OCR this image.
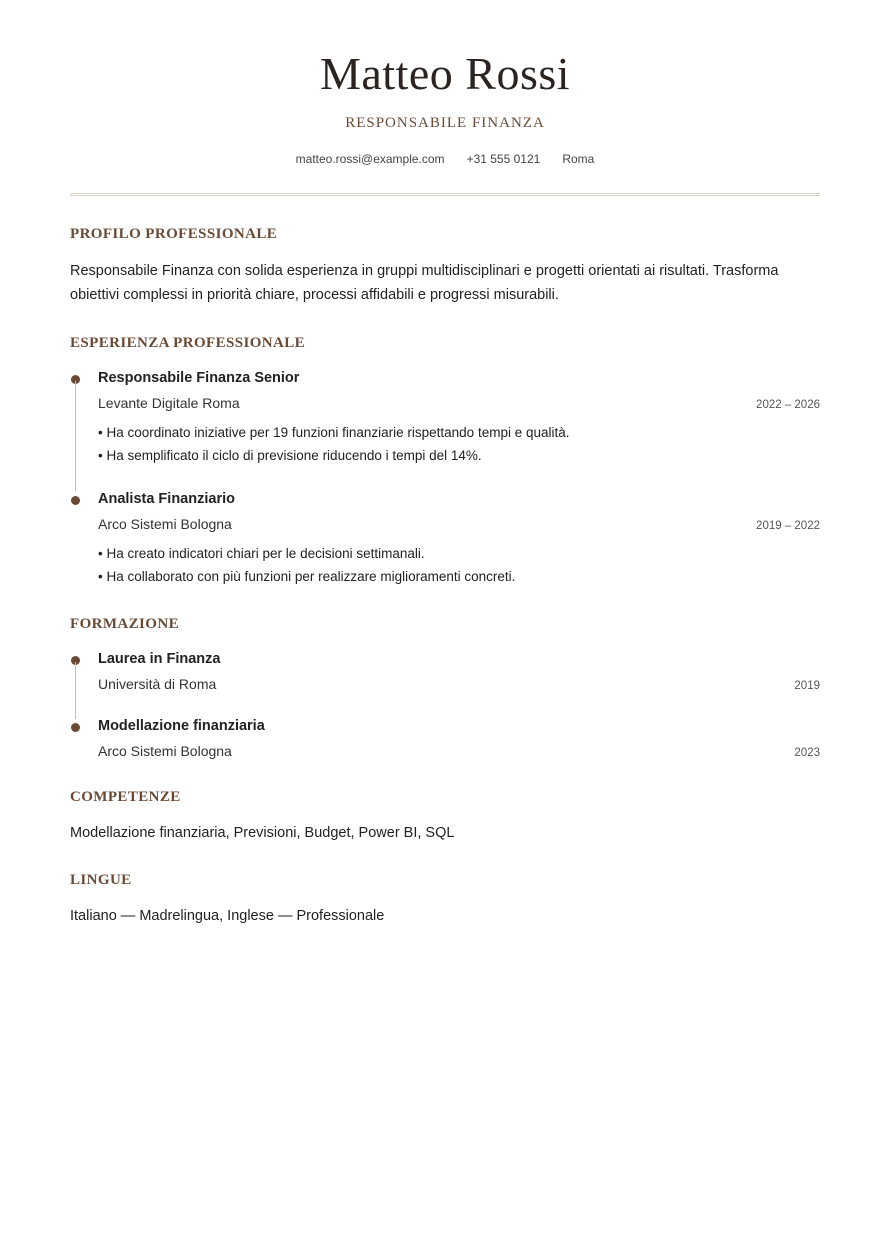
Matteo Rossi
RESPONSABILE FINANZA
matteo.rossi@example.com +31 555 0121 Roma
PROFILO PROFESSIONALE
Responsabile Finanza con solida esperienza in gruppi multidisciplinari e progetti orientati ai risultati. Trasforma obiettivi complessi in priorità chiare, processi affidabili e progressi misurabili.
ESPERIENZA PROFESSIONALE
Responsabile Finanza Senior
Levante Digitale Roma	2022 – 2026
• Ha coordinato iniziative per 19 funzioni finanziarie rispettando tempi e qualità.
• Ha semplificato il ciclo di previsione riducendo i tempi del 14%.
Analista Finanziario
Arco Sistemi Bologna	2019 – 2022
• Ha creato indicatori chiari per le decisioni settimanali.
• Ha collaborato con più funzioni per realizzare miglioramenti concreti.
FORMAZIONE
Laurea in Finanza
Università di Roma	2019
Modellazione finanziaria
Arco Sistemi Bologna	2023
COMPETENZE
Modellazione finanziaria, Previsioni, Budget, Power BI, SQL
LINGUE
Italiano — Madrelingua, Inglese — Professionale
